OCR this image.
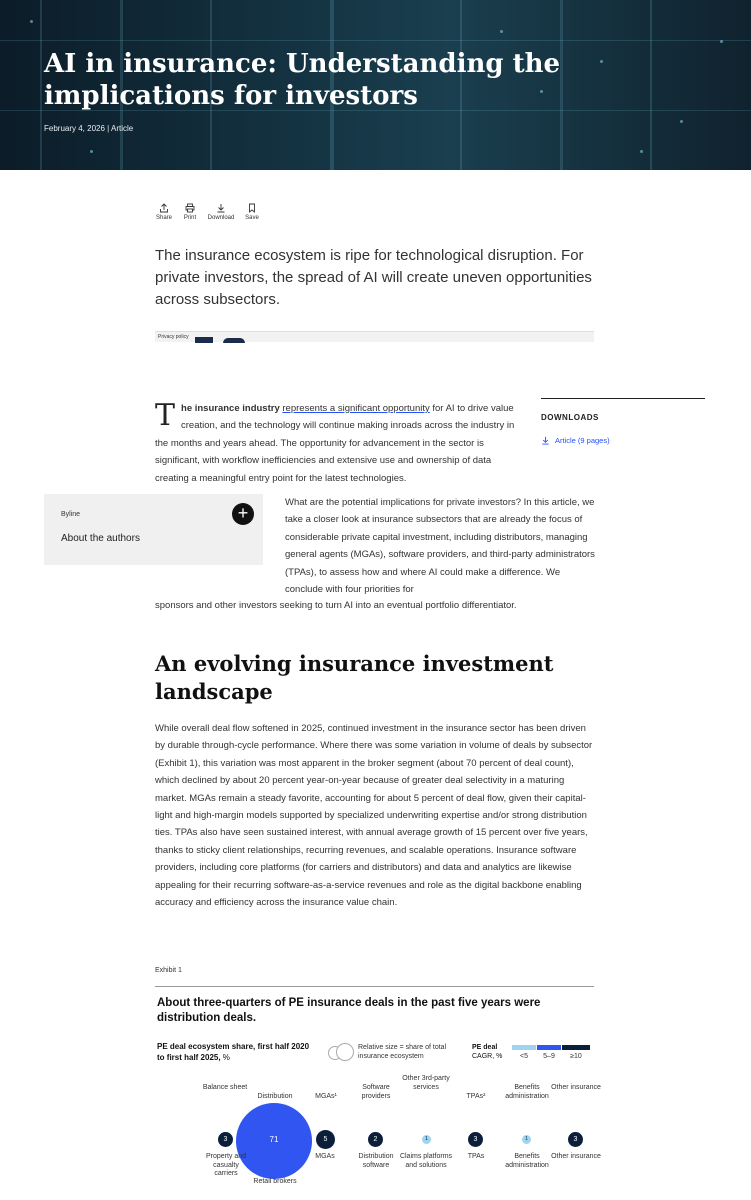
AI in insurance: Understanding the implications for investors
February 4, 2026 | Article
Share Print Download Save

The insurance ecosystem is ripe for technological disruption. For private investors, the spread of AI will create uneven opportunities across subsectors.

Privacy policy
The insurance industry represents a significant opportunity for AI to drive value creation, and the technology will continue making inroads across the industry in the months and years ahead. The opportunity for advancement in the sector is significant, with workflow inefficiencies and extensive use and ownership of data creating a meaningful entry point for the latest technologies.
DOWNLOADS
Article (9 pages)
Byline
About the authors
+

What are the potential implications for private investors? In this article, we take a closer look at insurance subsectors that are already the focus of considerable private capital investment, including distributors, managing general agents (MGAs), software providers, and third-party administrators (TPAs), to assess how and where AI could make a difference. We conclude with four priorities for

sponsors and other investors seeking to turn AI into an eventual portfolio differentiator.

An evolving insurance investment landscape

While overall deal flow softened in 2025, continued investment in the insurance sector has been driven by durable through-cycle performance. Where there was some variation in volume of deals by subsector (Exhibit 1), this variation was most apparent in the broker segment (about 70 percent of deal count), which declined by about 20 percent year-on-year because of greater deal selectivity in a maturing market. MGAs remain a steady favorite, accounting for about 5 percent of deal flow, given their capital-light and high-margin models supported by specialized underwriting expertise and/or strong distribution ties. TPAs also have seen sustained interest, with annual average growth of 15 percent over five years, thanks to sticky client relationships, recurring revenues, and scalable operations. Insurance software providers, including core platforms (for carriers and distributors) and data and analytics are likewise appealing for their recurring software-as-a-service revenues and role as the digital backbone enabling accuracy and efficiency across the insurance value chain.

Exhibit 1
About three-quarters of PE insurance deals in the past five years were distribution deals.
PE deal ecosystem share, first half 2020 to first half 2025, %
Relative size = share of total insurance ecosystem
PE deal
CAGR, %	<5	5–9	≥10
Balance sheet
Distribution	MGAs¹
Software providers
Other 3rd-party services
TPAs²
Benefits administration
Other insurance
71
3	5	2	1	3	1	3
Property and casualty carriers
Retail brokers
MGAs	Distribution software
Claims platforms and solutions
TPAs	Benefits administration
Other insurance
